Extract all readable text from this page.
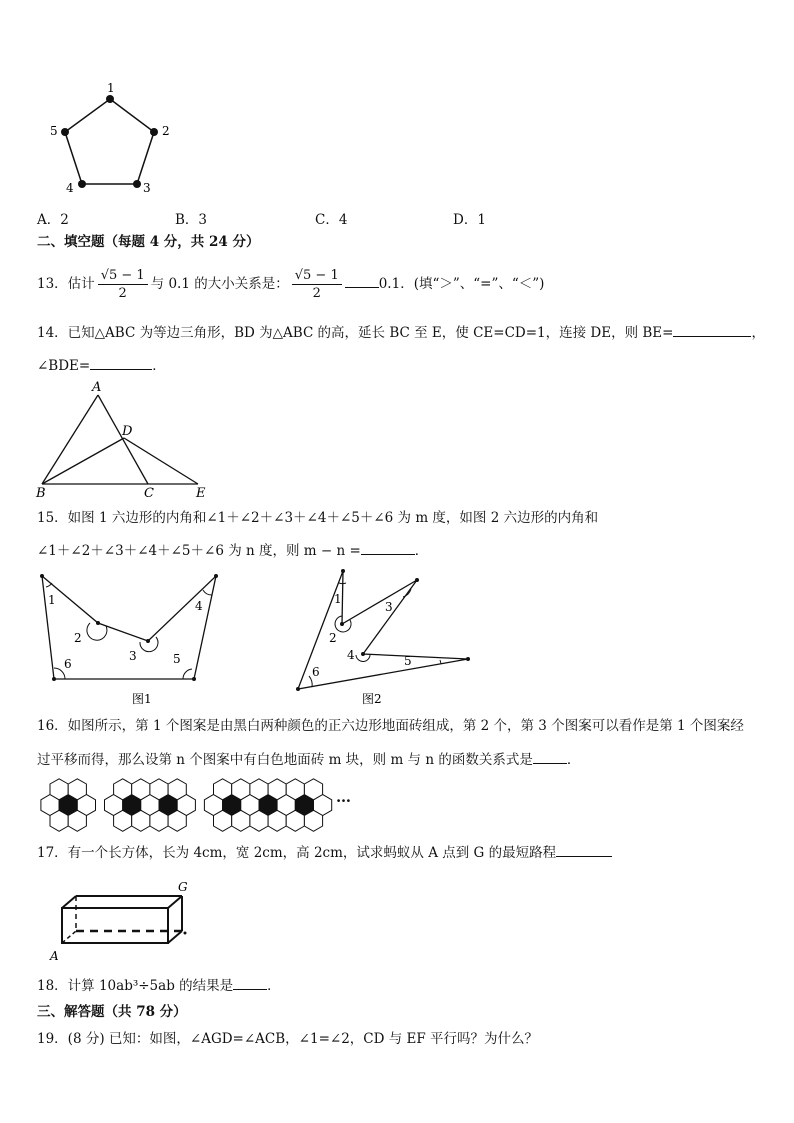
1
2
3
4
5
A．2	B．3	C．4	D．1
二、填空题（每题 4 分，共 24 分）
13．估计 $\frac{√5 - 1}{2}$ 与 0.1 的大小关系是： $\frac{√5 - 1}{2}$	0.1．(填“＞”、“=”、“＜”)
14．已知△ABC 为等边三角形，BD 为△ABC 的高，延长 BC 至 E，使 CE=CD=1，连接 DE，则 BE=	，
∠BDE=	．
A
D
B	C	E
15．如图 1 六边形的内角和∠1＋∠2＋∠3＋∠4＋∠5＋∠6 为 m 度，如图 2 六边形的内角和
∠1＋∠2＋∠3＋∠4＋∠5＋∠6 为 n 度，则 m − n =	．
1
2
3
4
5
6
图1
1
2
3
4	5
6
图2
16．如图所示，第 1 个图案是由黑白两种颜色的正六边形地面砖组成，第 2 个，第 3 个图案可以看作是第 1 个图案经
过平移而得，那么设第 n 个图案中有白色地面砖 m 块，则 m 与 n 的函数关系式是	．
…
17．有一个长方体，长为 4cm，宽 2cm，高 2cm，试求蚂蚁从 A 点到 G 的最短路程
G
A
18．计算 10ab³÷5ab 的结果是	．
三、解答题（共 78 分）
19．(8 分) 已知：如图，∠AGD=∠ACB，∠1=∠2，CD 与 EF 平行吗？为什么？
